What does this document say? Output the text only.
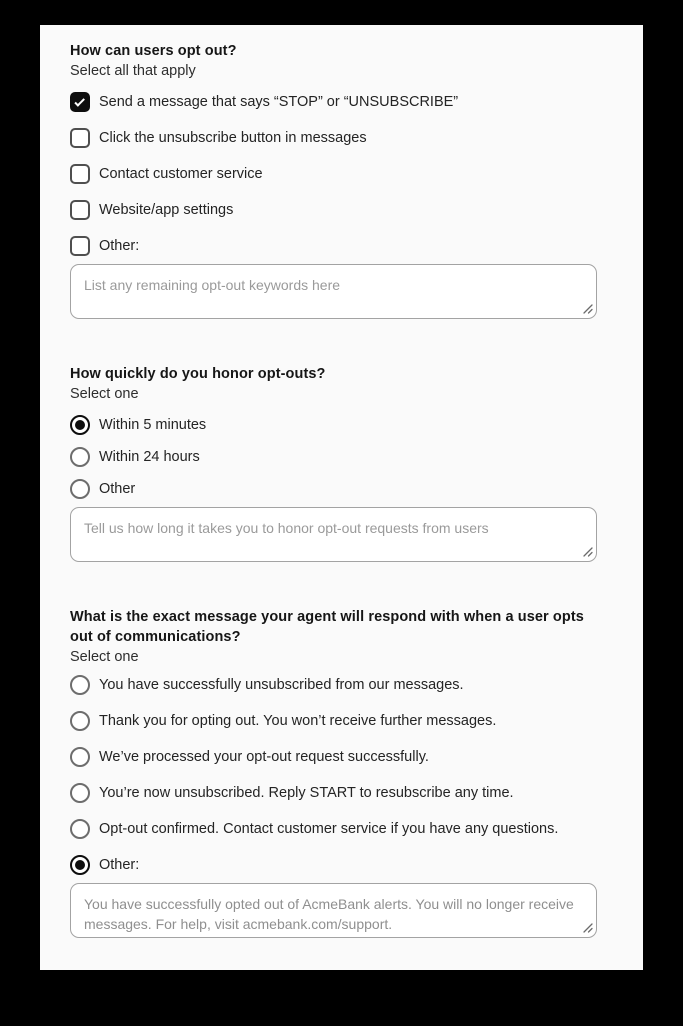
How can users opt out?
Select all that apply
Send a message that says “STOP” or “UNSUBSCRIBE”
Click the unsubscribe button in messages
Contact customer service
Website/app settings
Other:
List any remaining opt-out keywords here
How quickly do you honor opt-outs?
Select one
Within 5 minutes
Within 24 hours
Other
Tell us how long it takes you to honor opt-out requests from users
What is the exact message your agent will respond with when a user opts out of communications?
Select one
You have successfully unsubscribed from our messages.
Thank you for opting out. You won’t receive further messages.
We’ve processed your opt-out request successfully.
You’re now unsubscribed. Reply START to resubscribe any time.
Opt-out confirmed. Contact customer service if you have any questions.
Other:
You have successfully opted out of AcmeBank alerts. You will no longer receive messages. For help, visit acmebank.com/support.
